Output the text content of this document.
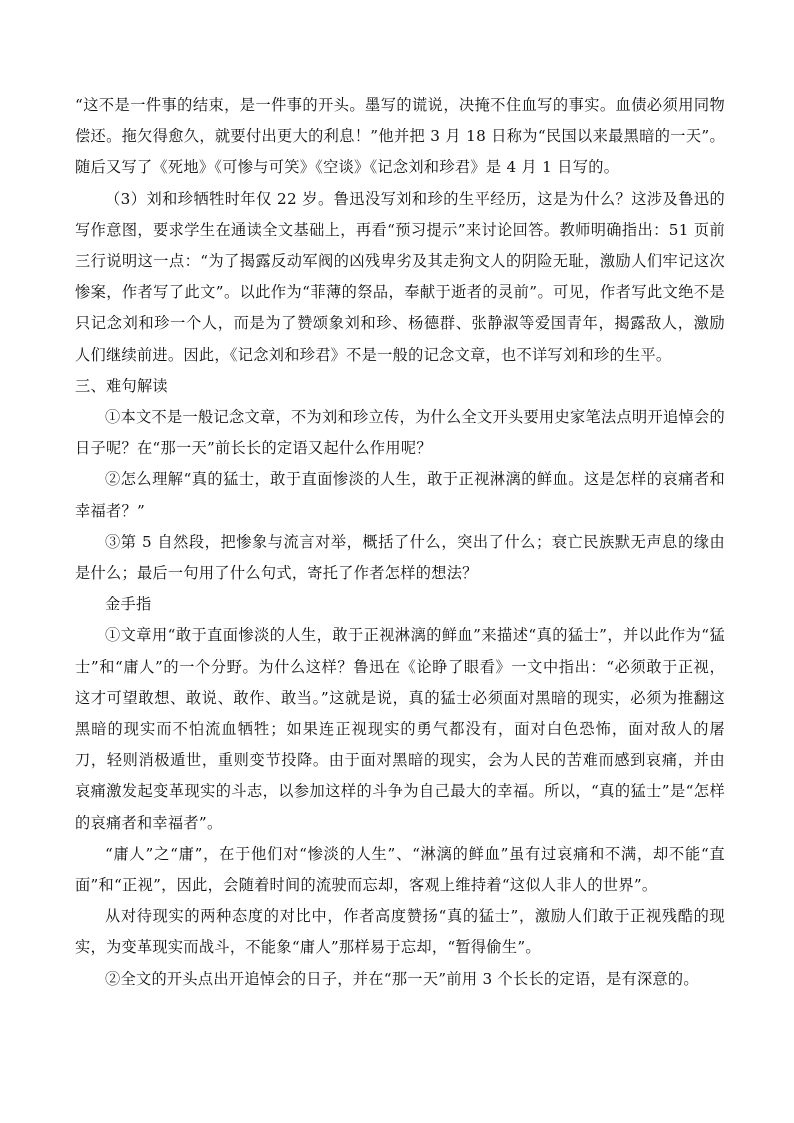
“这不是一件事的结束，是一件事的开头。墨写的谎说，决掩不住血写的事实。血债必须用同物偿还。拖欠得愈久，就要付出更大的利息！”他并把 3 月 18 日称为“民国以来最黑暗的一天”。随后又写了《死地》《可惨与可笑》《空谈》《记念刘和珍君》是 4 月 1 日写的。

（3）刘和珍牺牲时年仅 22 岁。鲁迅没写刘和珍的生平经历，这是为什么？这涉及鲁迅的写作意图，要求学生在通读全文基础上，再看“预习提示”来讨论回答。教师明确指出：51 页前三行说明这一点：“为了揭露反动军阀的凶残卑劣及其走狗文人的阴险无耻，激励人们牢记这次惨案，作者写了此文”。以此作为“菲薄的祭品，奉献于逝者的灵前”。可见，作者写此文绝不是只记念刘和珍一个人，而是为了赞颂象刘和珍、杨德群、张静淑等爱国青年，揭露敌人，激励人们继续前进。因此，《记念刘和珍君》不是一般的记念文章，也不详写刘和珍的生平。

三、难句解读

①本文不是一般记念文章，不为刘和珍立传，为什么全文开头要用史家笔法点明开追悼会的日子呢？在“那一天”前长长的定语又起什么作用呢？

②怎么理解“真的猛士，敢于直面惨淡的人生，敢于正视淋漓的鲜血。这是怎样的哀痛者和幸福者？”

③第 5 自然段，把惨象与流言对举，概括了什么，突出了什么；衰亡民族默无声息的缘由是什么；最后一句用了什么句式，寄托了作者怎样的想法？

金手指

①文章用“敢于直面惨淡的人生，敢于正视淋漓的鲜血”来描述“真的猛士”，并以此作为“猛士”和“庸人”的一个分野。为什么这样？鲁迅在《论睁了眼看》一文中指出：“必须敢于正视，这才可望敢想、敢说、敢作、敢当。”这就是说，真的猛士必须面对黑暗的现实，必须为推翻这黑暗的现实而不怕流血牺牲；如果连正视现实的勇气都没有，面对白色恐怖，面对敌人的屠刀，轻则消极遁世，重则变节投降。由于面对黑暗的现实，会为人民的苦难而感到哀痛，并由哀痛激发起变革现实的斗志，以参加这样的斗争为自己最大的幸福。所以，“真的猛士”是“怎样的哀痛者和幸福者”。

“庸人”之“庸”，在于他们对“惨淡的人生”、“淋漓的鲜血”虽有过哀痛和不满，却不能“直面”和“正视”，因此，会随着时间的流驶而忘却，客观上维持着“这似人非人的世界”。

从对待现实的两种态度的对比中，作者高度赞扬“真的猛士”，激励人们敢于正视残酷的现实，为变革现实而战斗，不能象“庸人”那样易于忘却，“暂得偷生”。

②全文的开头点出开追悼会的日子，并在“那一天”前用 3 个长长的定语，是有深意的。
